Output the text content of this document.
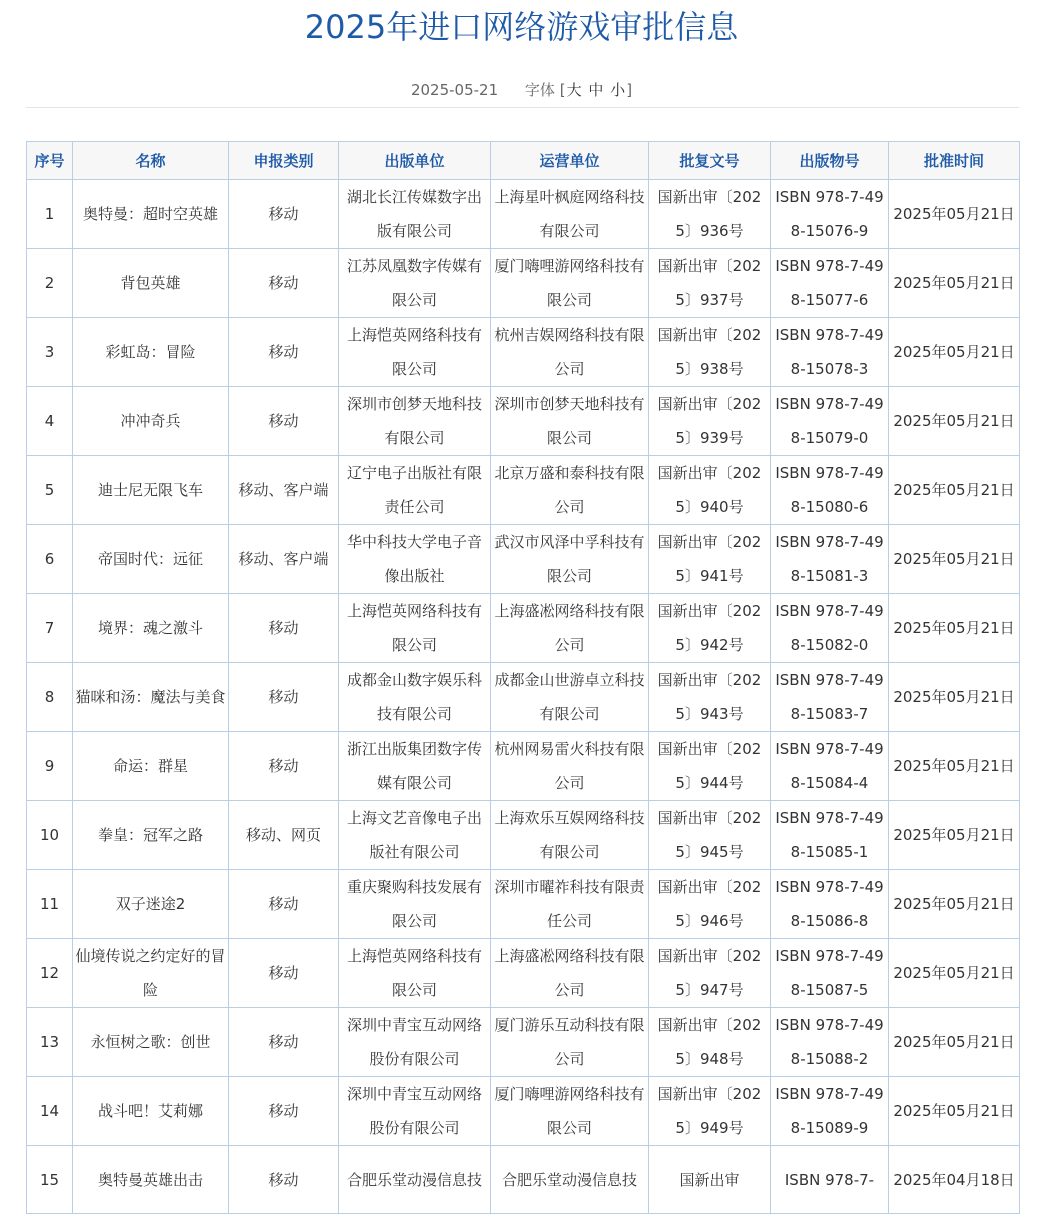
2025年进口网络游戏审批信息
2025-05-21 字体 [大 中 小]
序号	名称	申报类别	出版单位	运营单位	批复文号	出版物号	批准时间
1	奥特曼：超时空英雄	移动	湖北长江传媒数字出版有限公司	上海星叶枫庭网络科技有限公司	国新出审〔2025〕936号	ISBN 978-7-498-15076-9	2025年05月21日
2	背包英雄	移动	江苏凤凰数字传媒有限公司	厦门嗨哩游网络科技有限公司	国新出审〔2025〕937号	ISBN 978-7-498-15077-6	2025年05月21日
3	彩虹岛：冒险	移动	上海恺英网络科技有限公司	杭州吉娱网络科技有限公司	国新出审〔2025〕938号	ISBN 978-7-498-15078-3	2025年05月21日
4	冲冲奇兵	移动	深圳市创梦天地科技有限公司	深圳市创梦天地科技有限公司	国新出审〔2025〕939号	ISBN 978-7-498-15079-0	2025年05月21日
5	迪士尼无限飞车	移动、客户端	辽宁电子出版社有限责任公司	北京万盛和泰科技有限公司	国新出审〔2025〕940号	ISBN 978-7-498-15080-6	2025年05月21日
6	帝国时代：远征	移动、客户端	华中科技大学电子音像出版社	武汉市风泽中孚科技有限公司	国新出审〔2025〕941号	ISBN 978-7-498-15081-3	2025年05月21日
7	境界：魂之激斗	移动	上海恺英网络科技有限公司	上海盛凇网络科技有限公司	国新出审〔2025〕942号	ISBN 978-7-498-15082-0	2025年05月21日
8	猫咪和汤：魔法与美食	移动	成都金山数字娱乐科技有限公司	成都金山世游卓立科技有限公司	国新出审〔2025〕943号	ISBN 978-7-498-15083-7	2025年05月21日
9	命运：群星	移动	浙江出版集团数字传媒有限公司	杭州网易雷火科技有限公司	国新出审〔2025〕944号	ISBN 978-7-498-15084-4	2025年05月21日
10	拳皇：冠军之路	移动、网页	上海文艺音像电子出版社有限公司	上海欢乐互娱网络科技有限公司	国新出审〔2025〕945号	ISBN 978-7-498-15085-1	2025年05月21日
11	双子迷途2	移动	重庆聚购科技发展有限公司	深圳市曜祚科技有限责任公司	国新出审〔2025〕946号	ISBN 978-7-498-15086-8	2025年05月21日
12	仙境传说之约定好的冒险	移动	上海恺英网络科技有限公司	上海盛凇网络科技有限公司	国新出审〔2025〕947号	ISBN 978-7-498-15087-5	2025年05月21日
13	永恒树之歌：创世	移动	深圳中青宝互动网络股份有限公司	厦门游乐互动科技有限公司	国新出审〔2025〕948号	ISBN 978-7-498-15088-2	2025年05月21日
14	战斗吧！艾莉娜	移动	深圳中青宝互动网络股份有限公司	厦门嗨哩游网络科技有限公司	国新出审〔2025〕949号	ISBN 978-7-498-15089-9	2025年05月21日
15	奥特曼英雄出击	移动	合肥乐堂动漫信息技	合肥乐堂动漫信息技	国新出审	ISBN 978-7-	2025年04月18日
